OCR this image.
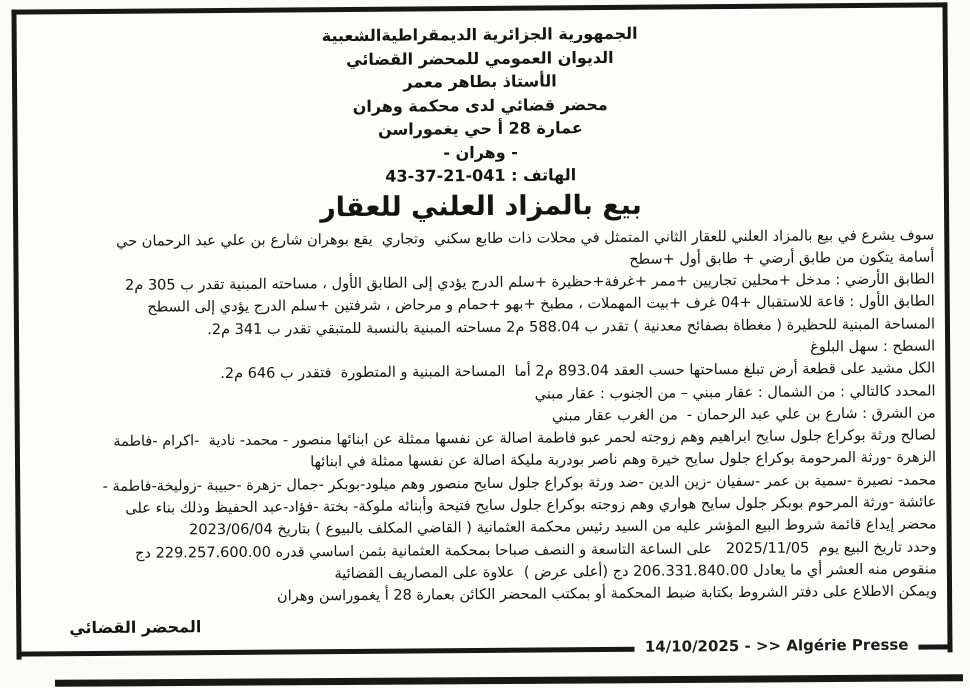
الجمهورية الجزائرية الديمقراطيةالشعبية
الديوان العمومي للمحضر القضائي
الأستاذ بطاهر معمر
محضر قضائي لدى محكمة وهران
عمارة 28 أ حي يغموراسن
- وهران -
الهاتف : 041-21-37-43
بيع بالمزاد العلني للعقار
سوف يشرع في بيع بالمزاد العلني للعقار الثاني المتمثل في محلات ذات طابع سكني  وتجاري  يقع بوهران شارع بن علي عبد الرحمان حي
أسامة يتكون من طابق أرضي + طابق أول +سطح
الطابق الأرضي : مدخل +محلين تجاريين +ممر +غرفة+حظيرة +سلم الدرج يؤدي إلى الطابق الأول ، مساحته المبنية تقدر ب 305 م2
الطابق الأول : قاعة للاستقبال +04 غرف +بيت المهملات ، مطبخ +بهو +حمام و مرحاض ، شرفتين +سلم الدرج يؤدي إلى السطح
المساحة المبنية للحظيرة ( مغطاة بصفائح معدنية ) تقدر ب 588.04 م2 مساحته المبنية بالنسبة للمتبقي تقدر ب 341 م2.
السطح : سهل البلوغ
الكل مشيد على قطعة أرض تبلغ مساحتها حسب العقد 893.04 م2 أما  المساحة المبنية و المتطورة  فتقدر ب 646 م2.
المحدد كالتالي : من الشمال : عقار مبني – من الجنوب : عقار مبني
من الشرق : شارع بن علي عبد الرحمان -  من الغرب عقار مبني
لصالح ورثة بوكراع جلول سايح ابراهيم وهم زوجته لحمر عبو فاطمة اصالة عن نفسها ممثلة عن ابنائها منصور - محمد- نادية  -اكرام -فاطمة
الزهرة -ورثة المرحومة بوكراع جلول سايح خيرة وهم ناصر بودربة مليكة اصالة عن نفسها ممثلة في ابنائها
محمد- نصيرة -سمية بن عمر -سفيان -زين الدين -ضد ورثة بوكراع جلول سايح منصور وهم ميلود-بوبكر -جمال -زهرة -حبيبة -زوليخة-فاطمة -
عائشة -ورثة المرحوم بوبكر جلول سايح هواري وهم زوجته بوكراع جلول سايح فتيحة وأبنائه ملوكة- بختة -فؤاد-عبد الحفيظ وذلك بناء على
محضر إيداع قائمة شروط البيع المؤشر عليه من السيد رئيس محكمة العثمانية ( القاضي المكلف بالبيوع ) بتاريخ 2023/06/04
وحدد تاريخ البيع يوم  2025/11/05   على الساعة التاسعة و النصف صباحا بمحكمة العثمانية بثمن اساسي قدره 229.257.600.00 دج
منقوص منه العشر أي ما يعادل 206.331.840.00 دج (أعلى عرض )  علاوة على المصاريف القضائية
ويمكن الاطلاع على دفتر الشروط بكتابة ضبط المحكمة أو بمكتب المحضر الكائن بعمارة 28 أ يغموراسن وهران
المحضر القضائي
14/10/2025 - >> Algérie Presse
